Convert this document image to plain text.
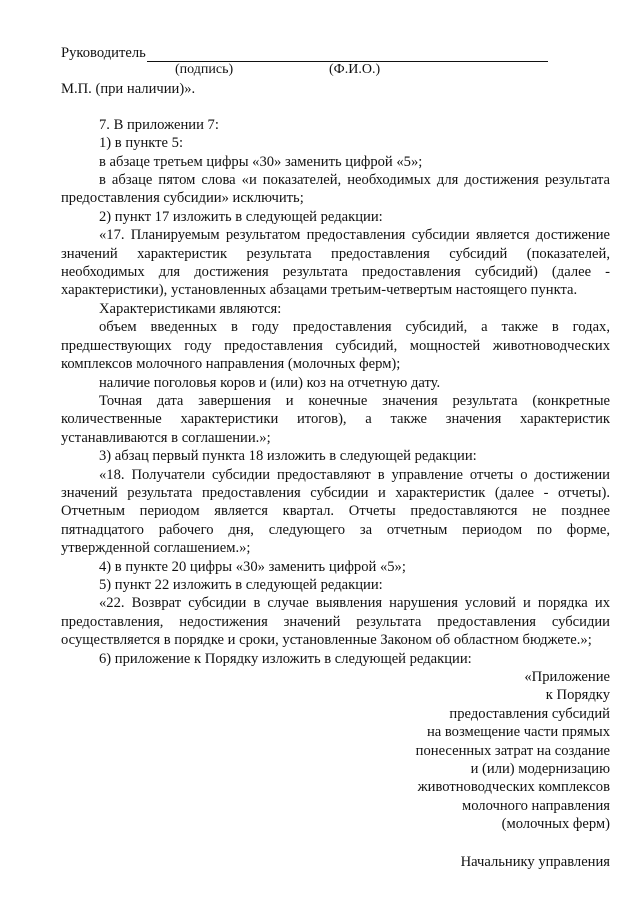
Руководитель
(подпись)	(Ф.И.О.)
М.П. (при наличии)».
7. В приложении 7:
1) в пункте 5:
в абзаце третьем цифры «30» заменить цифрой «5»;
в абзаце пятом слова «и показателей, необходимых для достижения результата предоставления субсидии» исключить;
2) пункт 17 изложить в следующей редакции:
«17. Планируемым результатом предоставления субсидии является достижение значений характеристик результата предоставления субсидий (показателей, необходимых для достижения результата предоставления субсидий) (далее - характеристики), установленных абзацами третьим-четвертым настоящего пункта.
Характеристиками являются:
объем введенных в году предоставления субсидий, а также в годах, предшествующих году предоставления субсидий, мощностей животноводческих комплексов молочного направления (молочных ферм);
наличие поголовья коров и (или) коз на отчетную дату.
Точная дата завершения и конечные значения результата (конкретные количественные характеристики итогов), а также значения характеристик устанавливаются в соглашении.»;
3) абзац первый пункта 18 изложить в следующей редакции:
«18. Получатели субсидии предоставляют в управление отчеты о достижении значений результата предоставления субсидии и характеристик (далее - отчеты). Отчетным периодом является квартал. Отчеты предоставляются не позднее пятнадцатого рабочего дня, следующего за отчетным периодом по форме, утвержденной соглашением.»;
4) в пункте 20 цифры «30» заменить цифрой «5»;
5) пункт 22 изложить в следующей редакции:
«22. Возврат субсидии в случае выявления нарушения условий и порядка их предоставления, недостижения значений результата предоставления субсидии осуществляется в порядке и сроки, установленные Законом об областном бюджете.»;
6) приложение к Порядку изложить в следующей редакции:
«Приложение
к Порядку
предоставления субсидий
на возмещение части прямых
понесенных затрат на создание
и (или) модернизацию
животноводческих комплексов
молочного направления
(молочных ферм)
Начальнику управления
